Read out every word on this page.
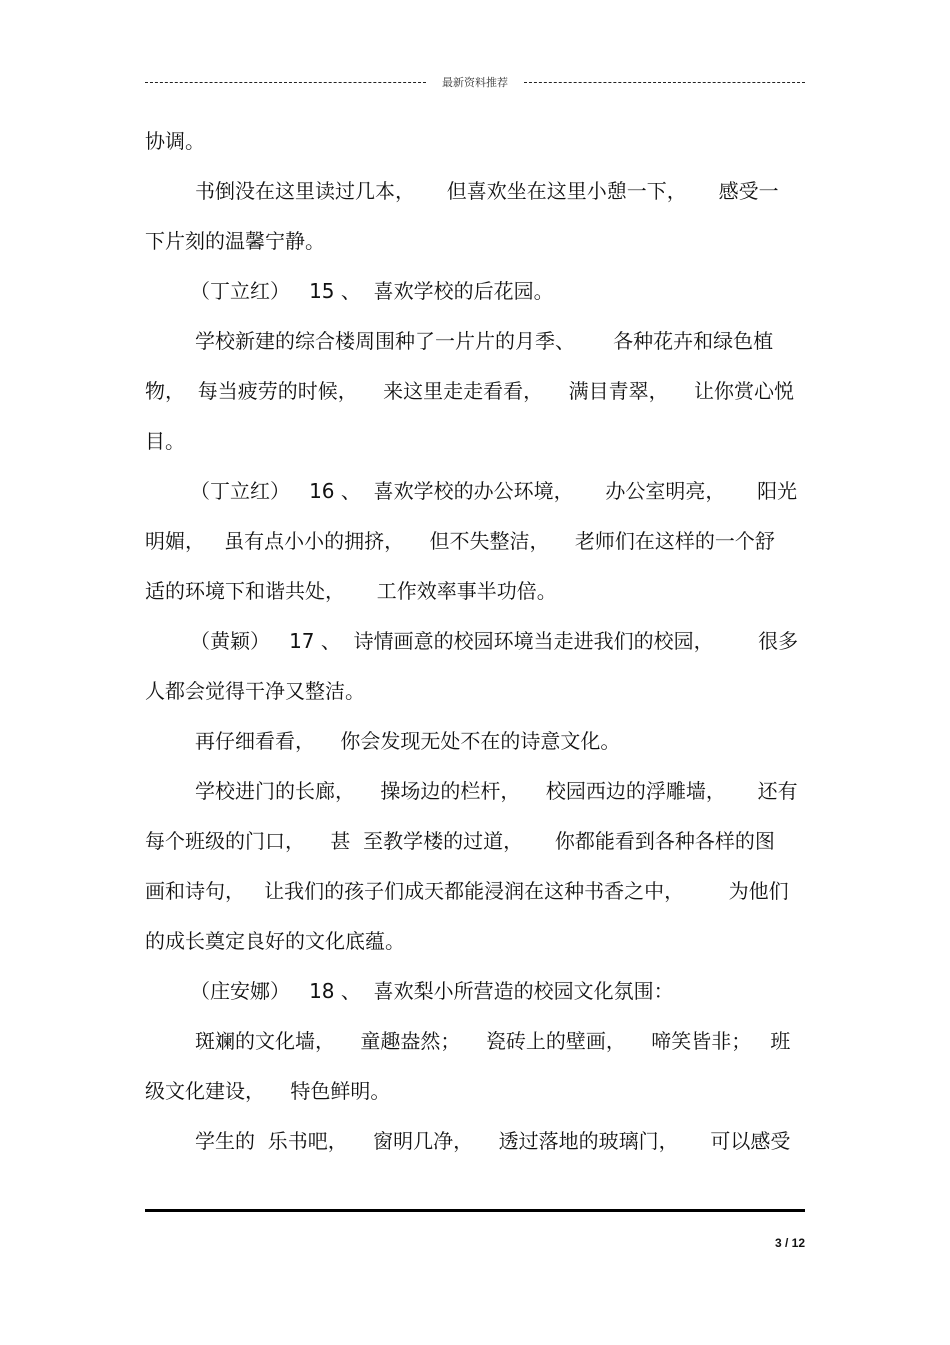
最新资料推荐
协调。
书倒没在这里读过几本，     但喜欢坐在这里小憩一下，     感受一
下片刻的温馨宁静。
（丁立红）   15 、  喜欢学校的后花园。
学校新建的综合楼周围种了一片片的月季、      各种花卉和绿色植
物，  每当疲劳的时候，    来这里走走看看，    满目青翠，    让你赏心悦
目。
（丁立红）   16 、  喜欢学校的办公环境，     办公室明亮，     阳光
明媚，   虽有点小小的拥挤，    但不失整洁，    老师们在这样的一个舒
适的环境下和谐共处，     工作效率事半功倍。
（黄颖）   17 、  诗情画意的校园环境当走进我们的校园，       很多
人都会觉得干净又整洁。
再仔细看看，    你会发现无处不在的诗意文化。
学校进门的长廊，    操场边的栏杆，    校园西边的浮雕墙，     还有
每个班级的门口，    甚  至教学楼的过道，     你都能看到各种各样的图
画和诗句，   让我们的孩子们成天都能浸润在这种书香之中，       为他们
的成长奠定良好的文化底蕴。
（庄安娜）   18 、  喜欢梨小所营造的校园文化氛围：
斑斓的文化墙，    童趣盎然；    瓷砖上的壁画，    啼笑皆非；   班
级文化建设，    特色鲜明。
学生的  乐书吧，    窗明几净，    透过落地的玻璃门，     可以感受
3 / 12
